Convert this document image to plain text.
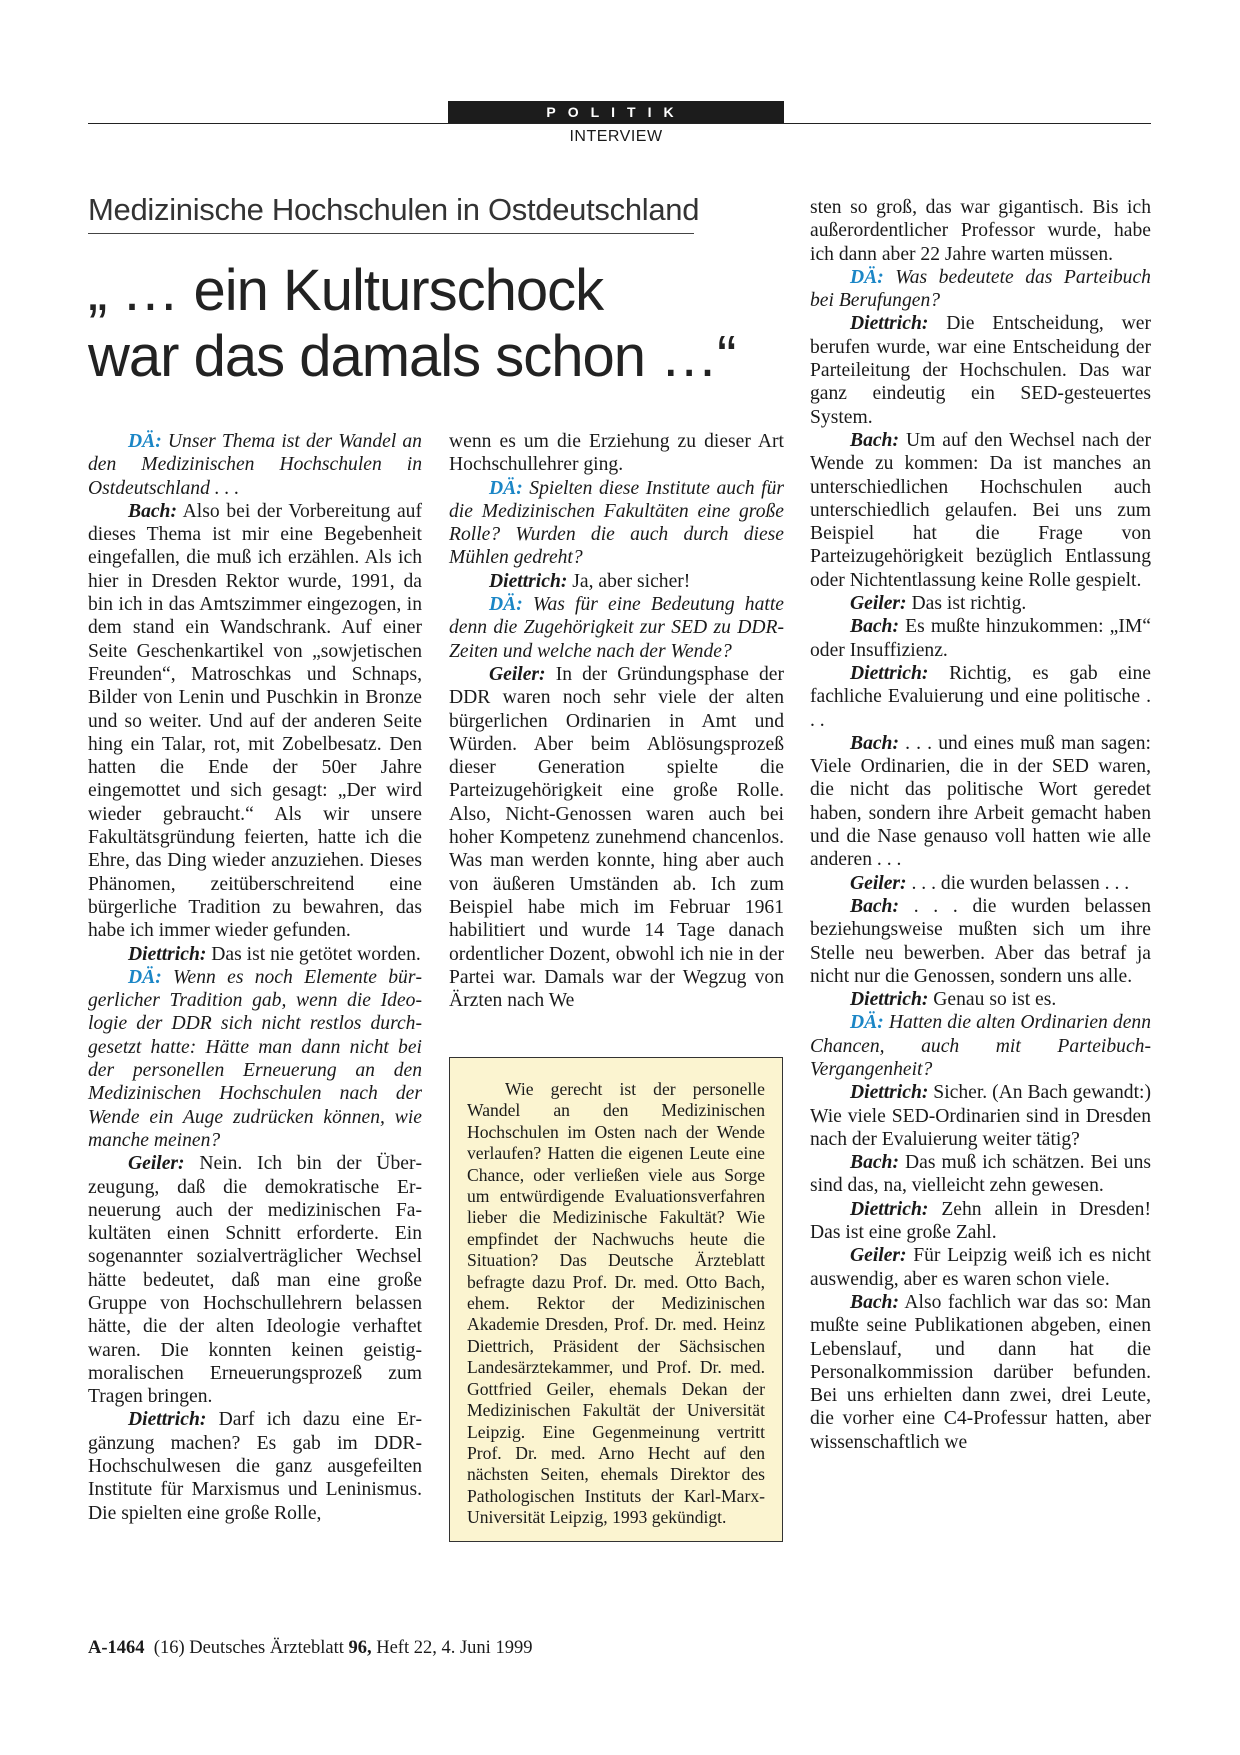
POLITIK
INTERVIEW
Medizinische Hochschulen in Ostdeutschland
„ … ein Kulturschock
war das damals schon …“

DÄ: Unser Thema ist der Wandel an den Medizinischen Hochschulen in Ostdeutschland . . .

Bach: Also bei der Vorbereitung auf dieses Thema ist mir eine Begebenheit eingefallen, die muß ich erzählen. Als ich hier in Dresden Rektor wurde, 1991, da bin ich in das Amtszimmer eingezogen, in dem stand ein Wandschrank. Auf einer Seite Geschenkartikel von „sowjetischen Freunden“, Matroschkas und Schnaps, Bilder von Lenin und Puschkin in Bronze und so weiter. Und auf der anderen Seite hing ein Talar, rot, mit Zobelbesatz. Den hatten die Ende der 50er Jahre eingemottet und sich gesagt: „Der wird wieder gebraucht.“ Als wir unsere Fakultätsgründung feierten, hatte ich die Ehre, das Ding wieder anzuziehen. Dieses Phänomen, zeitüberschreitend eine bürgerliche Tradition zu bewahren, das habe ich immer wieder gefunden.

Diettrich: Das ist nie getötet worden.

DÄ: Wenn es noch Elemente bürgerlicher Tradition gab, wenn die Ideologie der DDR sich nicht restlos durchgesetzt hatte: Hätte man dann nicht bei der personellen Erneuerung an den Medizinischen Hochschulen nach der Wende ein Auge zudrücken können, wie manche meinen?

Geiler: Nein. Ich bin der Überzeugung, daß die demokratische Erneuerung auch der medizinischen Fakultäten einen Schnitt erforderte. Ein sogenannter sozialverträglicher Wechsel hätte bedeutet, daß man eine große Gruppe von Hochschullehrern belassen hätte, die der alten Ideologie verhaftet waren. Die konnten keinen geistig-moralischen Erneuerungsprozeß zum Tragen bringen.

Diettrich: Darf ich dazu eine Ergänzung machen? Es gab im DDR-Hochschulwesen die ganz ausgefeilten Institute für Marxismus und Leninismus. Die spielten eine große Rolle,

wenn es um die Erziehung zu dieser Art Hochschullehrer ging.

DÄ: Spielten diese Institute auch für die Medizinischen Fakultäten eine große Rolle? Wurden die auch durch diese Mühlen gedreht?

Diettrich: Ja, aber sicher!

DÄ: Was für eine Bedeutung hatte denn die Zugehörigkeit zur SED zu DDR-Zeiten und welche nach der Wende?

Geiler: In der Gründungsphase der DDR waren noch sehr viele der alten bürgerlichen Ordinarien in Amt und Würden. Aber beim Ablösungsprozeß dieser Generation spielte die Parteizugehörigkeit eine große Rolle. Also, Nicht-Genossen waren auch bei hoher Kompetenz zunehmend chancenlos. Was man werden konnte, hing aber auch von äußeren Umständen ab. Ich zum Beispiel habe mich im Februar 1961 habilitiert und wurde 14 Tage danach ordentlicher Dozent, obwohl ich nie in der Partei war. Damals war der Wegzug von Ärzten nach We

sten so groß, das war gigantisch. Bis ich außerordentlicher Professor wurde, habe ich dann aber 22 Jahre warten müssen.

DÄ: Was bedeutete das Parteibuch bei Berufungen?

Diettrich: Die Entscheidung, wer berufen wurde, war eine Entscheidung der Parteileitung der Hochschulen. Das war ganz eindeutig ein SED-gesteuertes System.

Bach: Um auf den Wechsel nach der Wende zu kommen: Da ist manches an unterschiedlichen Hochschulen auch unterschiedlich gelaufen. Bei uns zum Beispiel hat die Frage von Parteizugehörigkeit bezüglich Entlassung oder Nichtentlassung keine Rolle gespielt.

Geiler: Das ist richtig.

Bach: Es mußte hinzukommen: „IM“ oder Insuffizienz.

Diettrich: Richtig, es gab eine fachliche Evaluierung und eine politische . . .

Bach: . . . und eines muß man sagen: Viele Ordinarien, die in der SED waren, die nicht das politische Wort geredet haben, sondern ihre Arbeit gemacht haben und die Nase genauso voll hatten wie alle anderen . . .

Geiler: . . . die wurden belassen . . .

Bach: . . . die wurden belassen beziehungsweise mußten sich um ihre Stelle neu bewerben. Aber das betraf ja nicht nur die Genossen, sondern uns alle.

Diettrich: Genau so ist es.

DÄ: Hatten die alten Ordinarien denn Chancen, auch mit Parteibuch-Vergangenheit?

Diettrich: Sicher. (An Bach gewandt:) Wie viele SED-Ordinarien sind in Dresden nach der Evaluierung weiter tätig?

Bach: Das muß ich schätzen. Bei uns sind das, na, vielleicht zehn gewesen.

Diettrich: Zehn allein in Dresden! Das ist eine große Zahl.

Geiler: Für Leipzig weiß ich es nicht auswendig, aber es waren schon viele.

Bach: Also fachlich war das so: Man mußte seine Publikationen abgeben, einen Lebenslauf, und dann hat die Personalkommission darüber befunden. Bei uns erhielten dann zwei, drei Leute, die vorher eine C4-Professur hatten, aber wissenschaftlich we

Wie gerecht ist der personelle Wandel an den Medizinischen Hochschulen im Osten nach der Wende verlaufen? Hatten die eigenen Leute eine Chance, oder verließen viele aus Sorge um entwürdigende Evaluationsverfahren lieber die Medizinische Fakultät? Wie empfindet der Nachwuchs heute die Situation? Das Deutsche Ärzteblatt befragte dazu Prof. Dr. med. Otto Bach, ehem. Rektor der Medizinischen Akademie Dresden, Prof. Dr. med. Heinz Diettrich, Präsident der Sächsischen Landesärztekammer, und Prof. Dr. med. Gottfried Geiler, ehemals Dekan der Medizinischen Fakultät der Universität Leipzig. Eine Gegenmeinung vertritt Prof. Dr. med. Arno Hecht auf den nächsten Seiten, ehemals Direktor des Pathologischen Instituts der Karl-Marx-Universität Leipzig, 1993 gekündigt.
A-1464 (16) Deutsches Ärzteblatt 96, Heft 22, 4. Juni 1999
